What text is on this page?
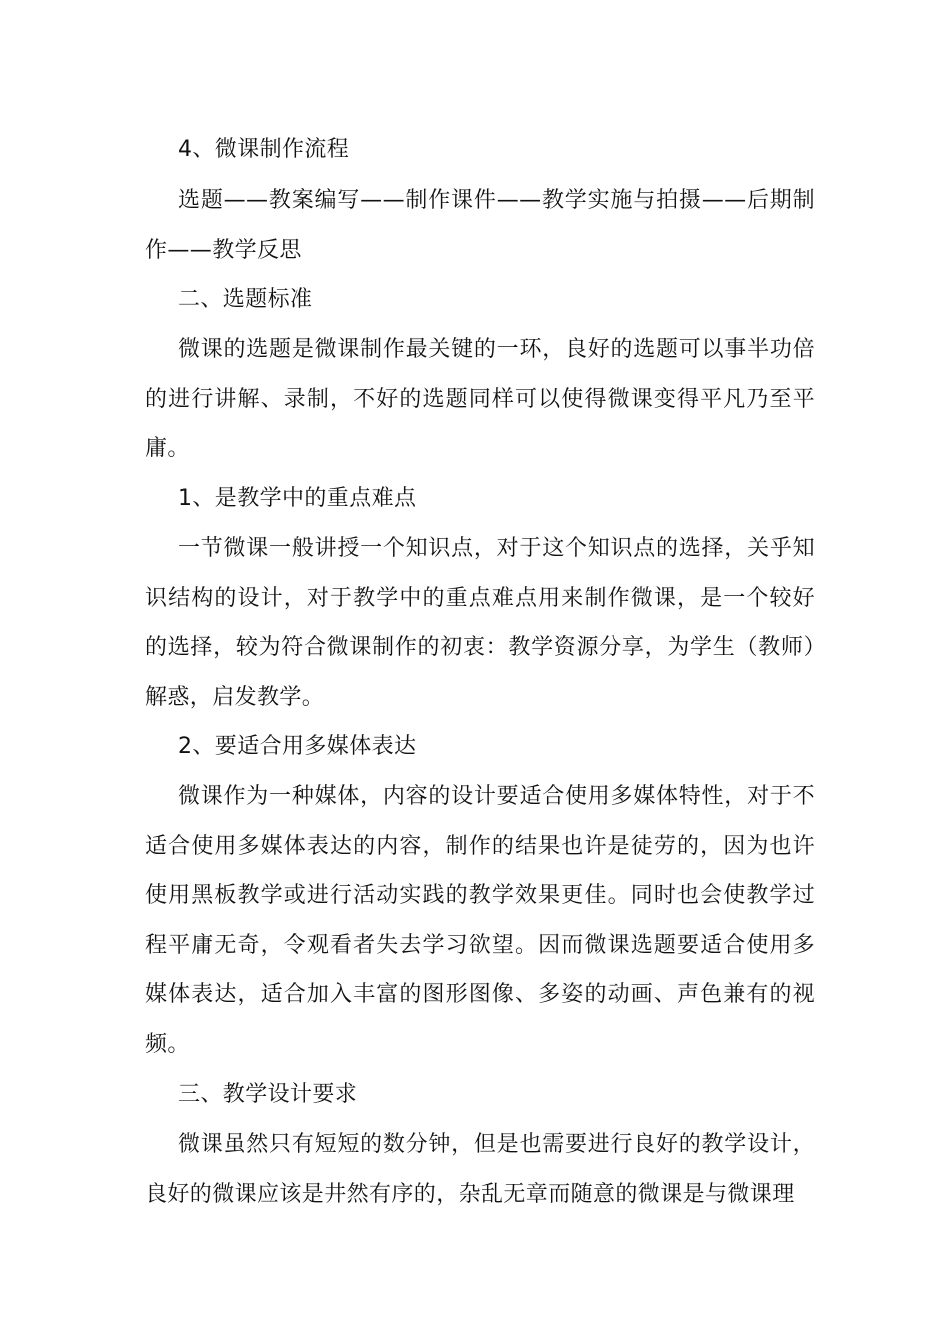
4、微课制作流程

选题——教案编写——制作课件——教学实施与拍摄——后期制作——教学反思

二、选题标准

微课的选题是微课制作最关键的一环，良好的选题可以事半功倍的进行讲解、录制，不好的选题同样可以使得微课变得平凡乃至平庸。

1、是教学中的重点难点

一节微课一般讲授一个知识点，对于这个知识点的选择，关乎知识结构的设计，对于教学中的重点难点用来制作微课，是一个较好的选择，较为符合微课制作的初衷：教学资源分享，为学生（教师）解惑，启发教学。

2、要适合用多媒体表达

微课作为一种媒体，内容的设计要适合使用多媒体特性，对于不适合使用多媒体表达的内容，制作的结果也许是徒劳的，因为也许使用黑板教学或进行活动实践的教学效果更佳。同时也会使教学过程平庸无奇，令观看者失去学习欲望。因而微课选题要适合使用多媒体表达，适合加入丰富的图形图像、多姿的动画、声色兼有的视频。

三、教学设计要求

微课虽然只有短短的数分钟，但是也需要进行良好的教学设计，良好的微课应该是井然有序的，杂乱无章而随意的微课是与微课理
